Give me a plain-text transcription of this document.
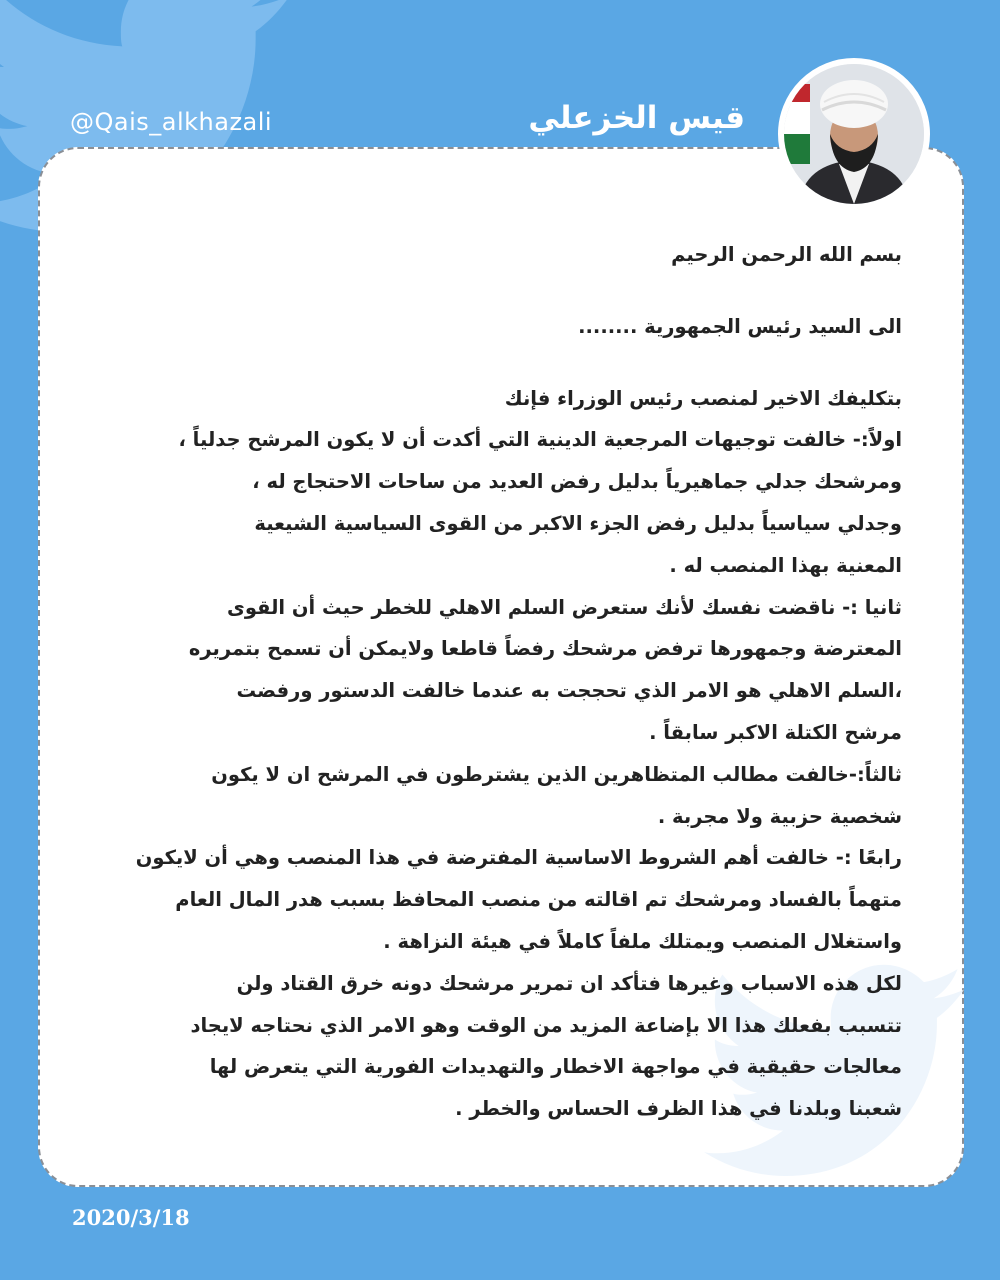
@Qais_alkhazali	قيس الخزعلي
بسم الله الرحمن الرحيم
الى السيد رئيس الجمهورية ........
بتكليفك الاخير لمنصب رئيس الوزراء فإنك
اولاً:- خالفت توجيهات المرجعية الدينية التي أكدت أن لا يكون المرشح جدلياً ،
ومرشحك جدلي جماهيرياً بدليل رفض العديد من ساحات الاحتجاج له ،
وجدلي سياسياً بدليل رفض الجزء الاكبر من القوى السياسية الشيعية
المعنية بهذا المنصب له .
ثانيا :- ناقضت نفسك لأنك ستعرض السلم الاهلي للخطر حيث أن القوى
المعترضة وجمهورها ترفض مرشحك رفضاً قاطعا ولايمكن أن تسمح بتمريره
،السلم الاهلي هو الامر الذي تحججت به عندما خالفت الدستور ورفضت
مرشح الكتلة الاكبر سابقاً .
ثالثاً:-خالفت مطالب المتظاهرين الذين يشترطون في المرشح ان لا يكون
شخصية حزبية ولا مجربة .
رابعًا :- خالفت أهم الشروط الاساسية المفترضة في هذا المنصب وهي أن لايكون
متهماً بالفساد ومرشحك تم اقالته من منصب المحافظ بسبب هدر المال العام
واستغلال المنصب ويمتلك ملفاً كاملاً في هيئة النزاهة .
لكل هذه الاسباب وغيرها فتأكد ان تمرير مرشحك دونه خرق القتاد ولن
تتسبب بفعلك هذا الا بإضاعة المزيد من الوقت وهو الامر الذي نحتاجه لايجاد
معالجات حقيقية في مواجهة الاخطار والتهديدات الفورية التي يتعرض لها
شعبنا وبلدنا في هذا الظرف الحساس والخطر .
2020/3/18
